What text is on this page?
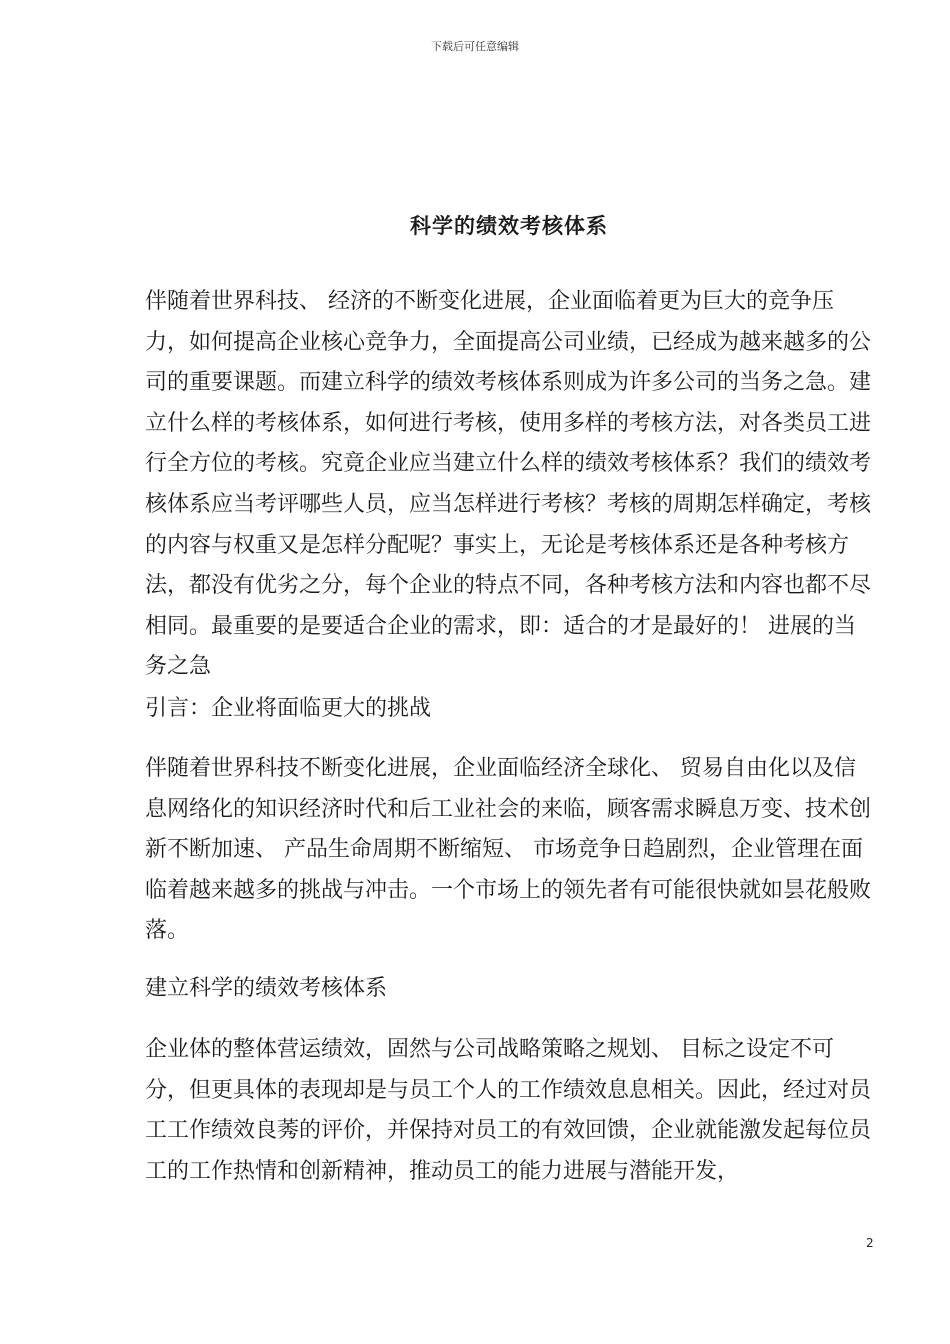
下载后可任意编辑
科学的绩效考核体系

伴随着世界科技、 经济的不断变化进展，企业面临着更为巨大的竞争压力，如何提高企业核心竞争力，全面提高公司业绩，已经成为越来越多的公司的重要课题。而建立科学的绩效考核体系则成为许多公司的当务之急。建立什么样的考核体系，如何进行考核，使用多样的考核方法，对各类员工进行全方位的考核。究竟企业应当建立什么样的绩效考核体系？我们的绩效考核体系应当考评哪些人员，应当怎样进行考核？考核的周期怎样确定，考核的内容与权重又是怎样分配呢？事实上，无论是考核体系还是各种考核方法，都没有优劣之分，每个企业的特点不同，各种考核方法和内容也都不尽相同。最重要的是要适合企业的需求，即：适合的才是最好的！ 进展的当务之急

引言：企业将面临更大的挑战

伴随着世界科技不断变化进展，企业面临经济全球化、 贸易自由化以及信息网络化的知识经济时代和后工业社会的来临，顾客需求瞬息万变、技术创新不断加速、 产品生命周期不断缩短、 市场竞争日趋剧烈，企业管理在面临着越来越多的挑战与冲击。一个市场上的领先者有可能很快就如昙花般败落。

建立科学的绩效考核体系

企业体的整体营运绩效，固然与公司战略策略之规划、 目标之设定不可分，但更具体的表现却是与员工个人的工作绩效息息相关。因此，经过对员工工作绩效良莠的评价，并保持对员工的有效回馈，企业就能激发起每位员工的工作热情和创新精神，推动员工的能力进展与潜能开发，

2
